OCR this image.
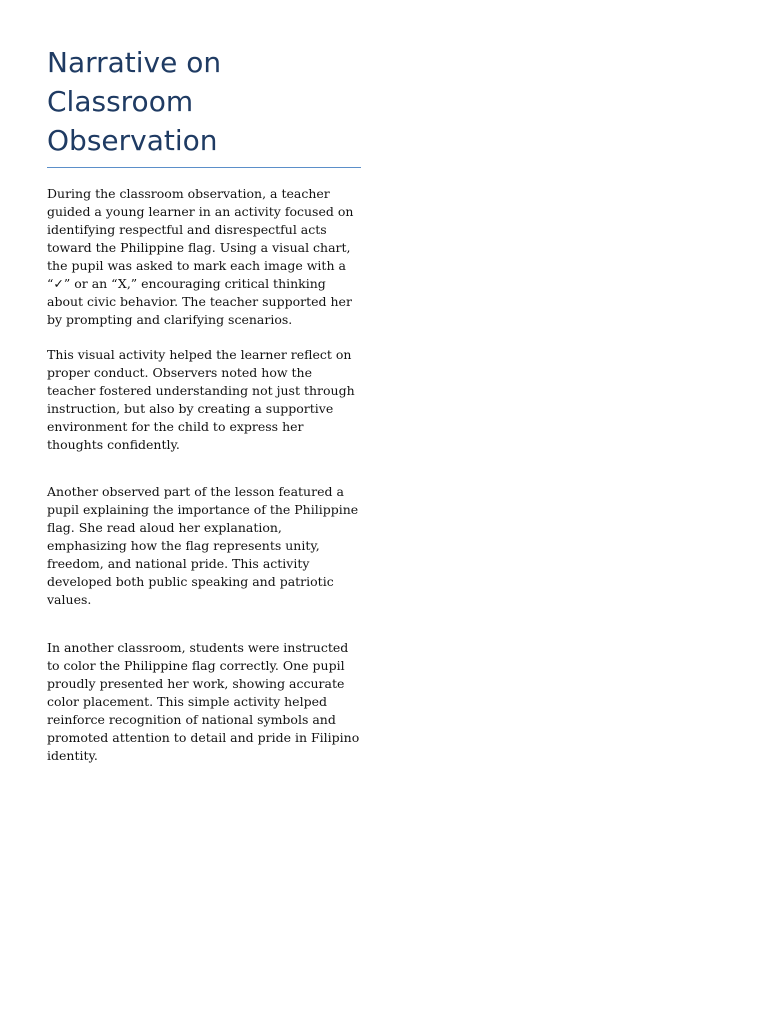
Narrative on Classroom Observation

During the classroom observation, a teacher guided a young learner in an activity focused on identifying respectful and disrespectful acts toward the Philippine flag. Using a visual chart, the pupil was asked to mark each image with a “✓” or an “X,” encouraging critical thinking about civic behavior. The teacher supported her by prompting and clarifying scenarios.

This visual activity helped the learner reflect on proper conduct. Observers noted how the teacher fostered understanding not just through instruction, but also by creating a supportive environment for the child to express her thoughts confidently.

Another observed part of the lesson featured a pupil explaining the importance of the Philippine flag. She read aloud her explanation, emphasizing how the flag represents unity, freedom, and national pride. This activity developed both public speaking and patriotic values.

In another classroom, students were instructed to color the Philippine flag correctly. One pupil proudly presented her work, showing accurate color placement. This simple activity helped reinforce recognition of national symbols and promoted attention to detail and pride in Filipino identity.
